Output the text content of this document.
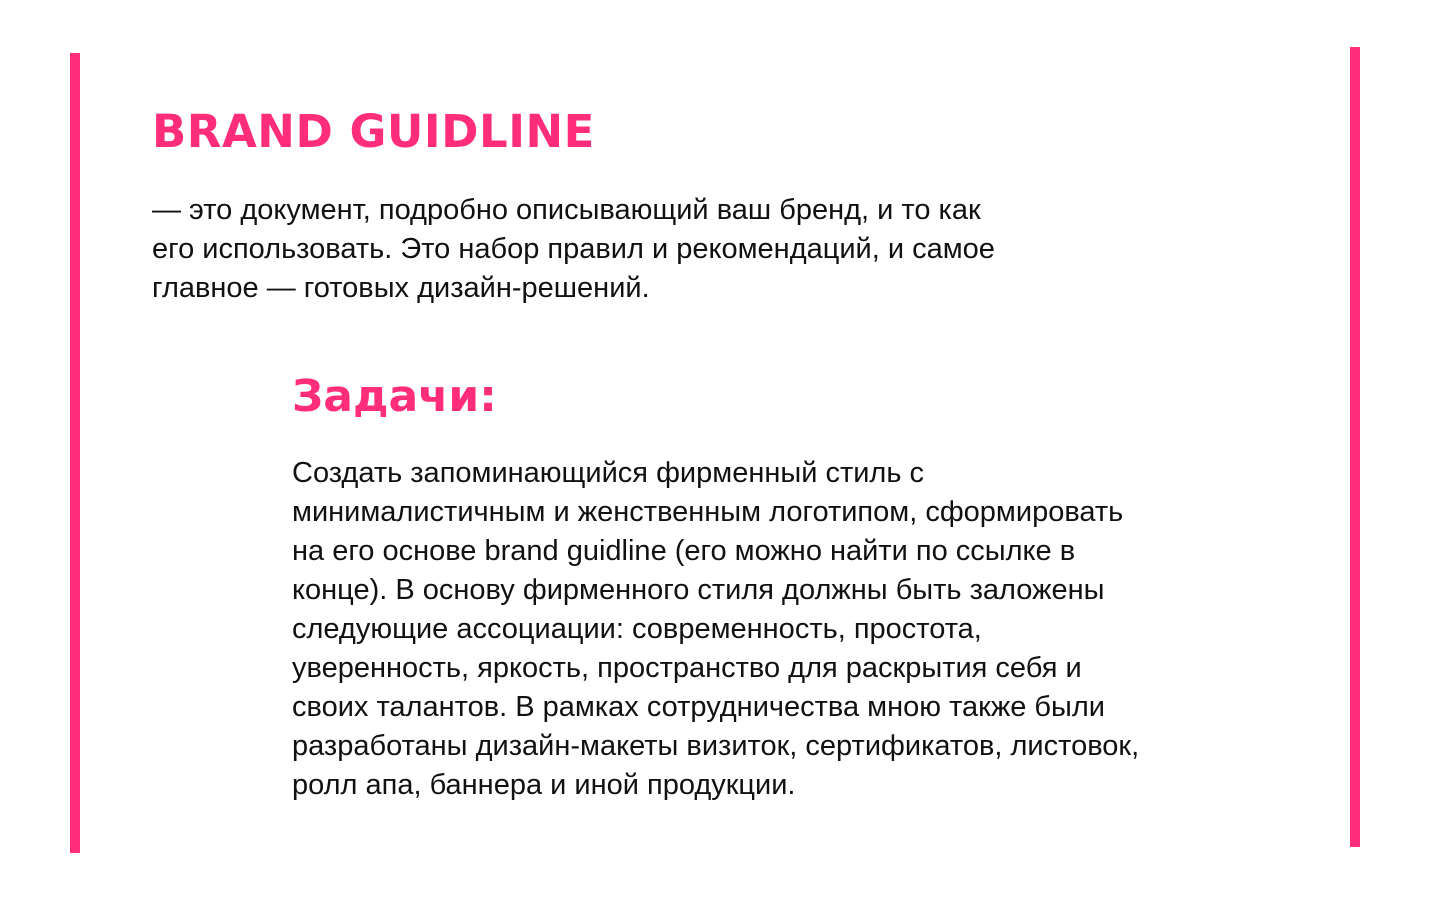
BRAND GUIDLINE

— это документ, подробно описывающий ваш бренд, и то как
его использовать. Это набор правил и рекомендаций, и самое
главное — готовых дизайн-решений.

Задачи:

Создать запоминающийся фирменный стиль с
минималистичным и женственным логотипом, сформировать
на его основе brand guidline (его можно найти по ссылке в
конце). В основу фирменного стиля должны быть заложены
следующие ассоциации: современность, простота,
уверенность, яркость, пространство для раскрытия себя и
своих талантов. В рамках сотрудничества мною также были
разработаны дизайн-макеты визиток, сертификатов, листовок,
ролл апа, баннера и иной продукции.
